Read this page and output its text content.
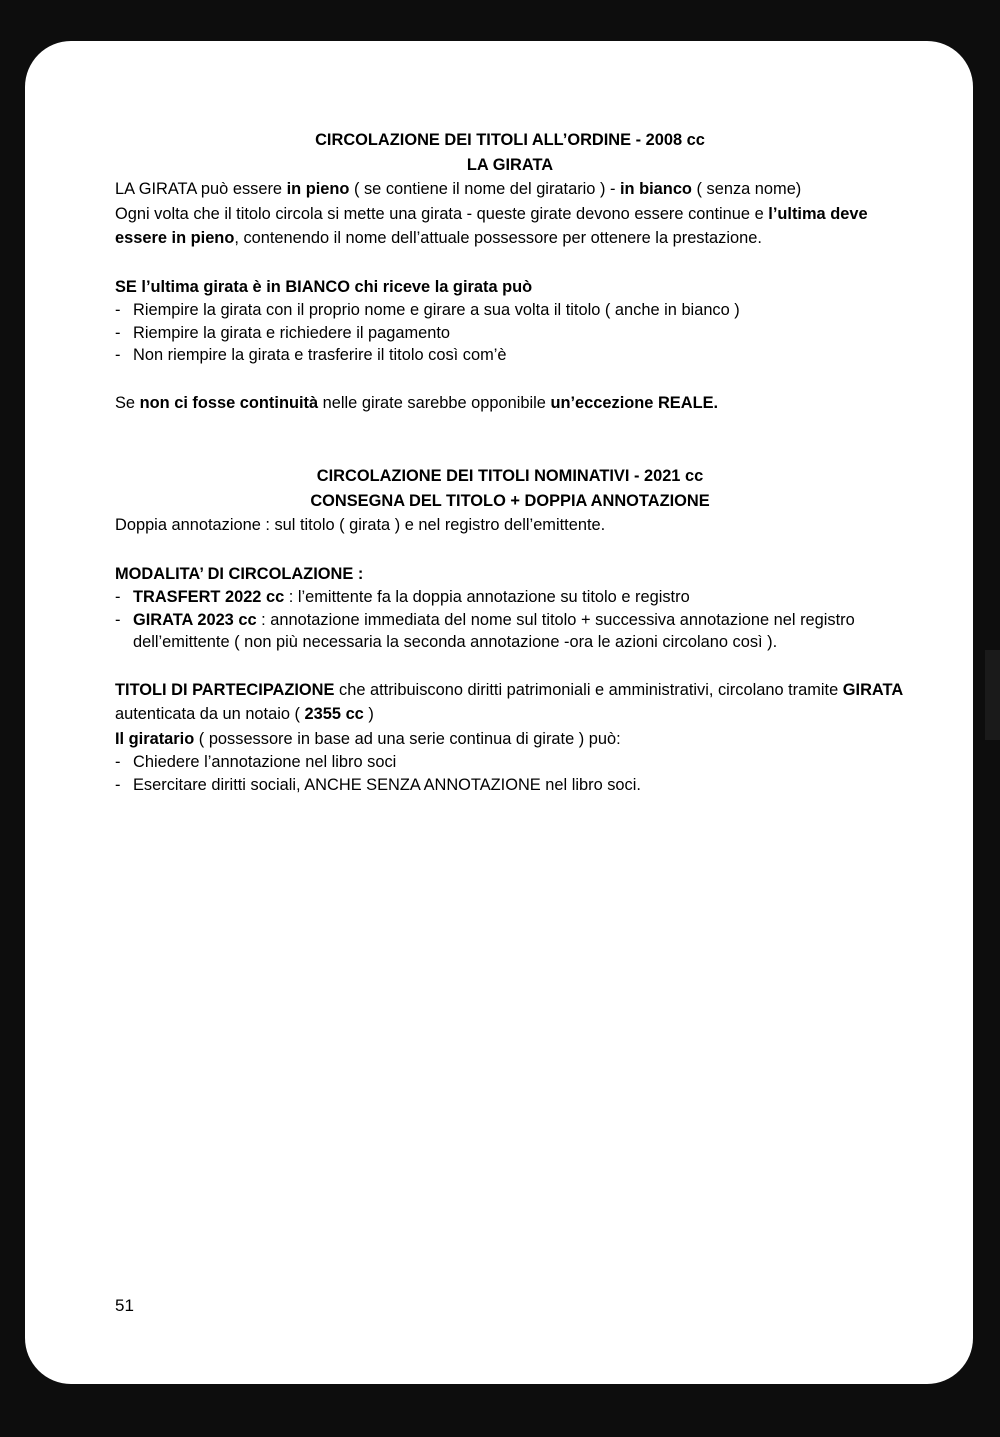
CIRCOLAZIONE DEI TITOLI ALL’ORDINE - 2008 cc

LA GIRATA

LA GIRATA può essere in pieno ( se contiene il nome del giratario ) - in bianco ( senza nome)

Ogni volta che il titolo circola si mette una girata - queste girate devono essere continue e l’ultima deve essere in pieno, contenendo il nome dell’attuale possessore per ottenere la prestazione.

SE l’ultima girata è in BIANCO chi riceve la girata può

- Riempire la girata con il proprio nome e girare a sua volta il titolo ( anche in bianco )
- Riempire la girata e richiedere il pagamento
- Non riempire la girata e trasferire il titolo così com’è

Se non ci fosse continuità nelle girate sarebbe opponibile un’eccezione REALE.

CIRCOLAZIONE DEI TITOLI NOMINATIVI - 2021 cc

CONSEGNA DEL TITOLO + DOPPIA ANNOTAZIONE

Doppia annotazione : sul titolo ( girata ) e nel registro dell’emittente.

MODALITA’ DI CIRCOLAZIONE :

- TRASFERT 2022 cc : l’emittente fa la doppia annotazione su titolo e registro
- GIRATA 2023 cc : annotazione immediata del nome sul titolo + successiva annotazione nel registro dell’emittente ( non più necessaria la seconda annotazione -ora le azioni circolano così ).

TITOLI DI PARTECIPAZIONE che attribuiscono diritti patrimoniali e amministrativi, circolano tramite GIRATA autenticata da un notaio ( 2355 cc )

Il giratario ( possessore in base ad una serie continua di girate ) può:

- Chiedere l’annotazione nel libro soci
- Esercitare diritti sociali, ANCHE SENZA ANNOTAZIONE nel libro soci.
51
